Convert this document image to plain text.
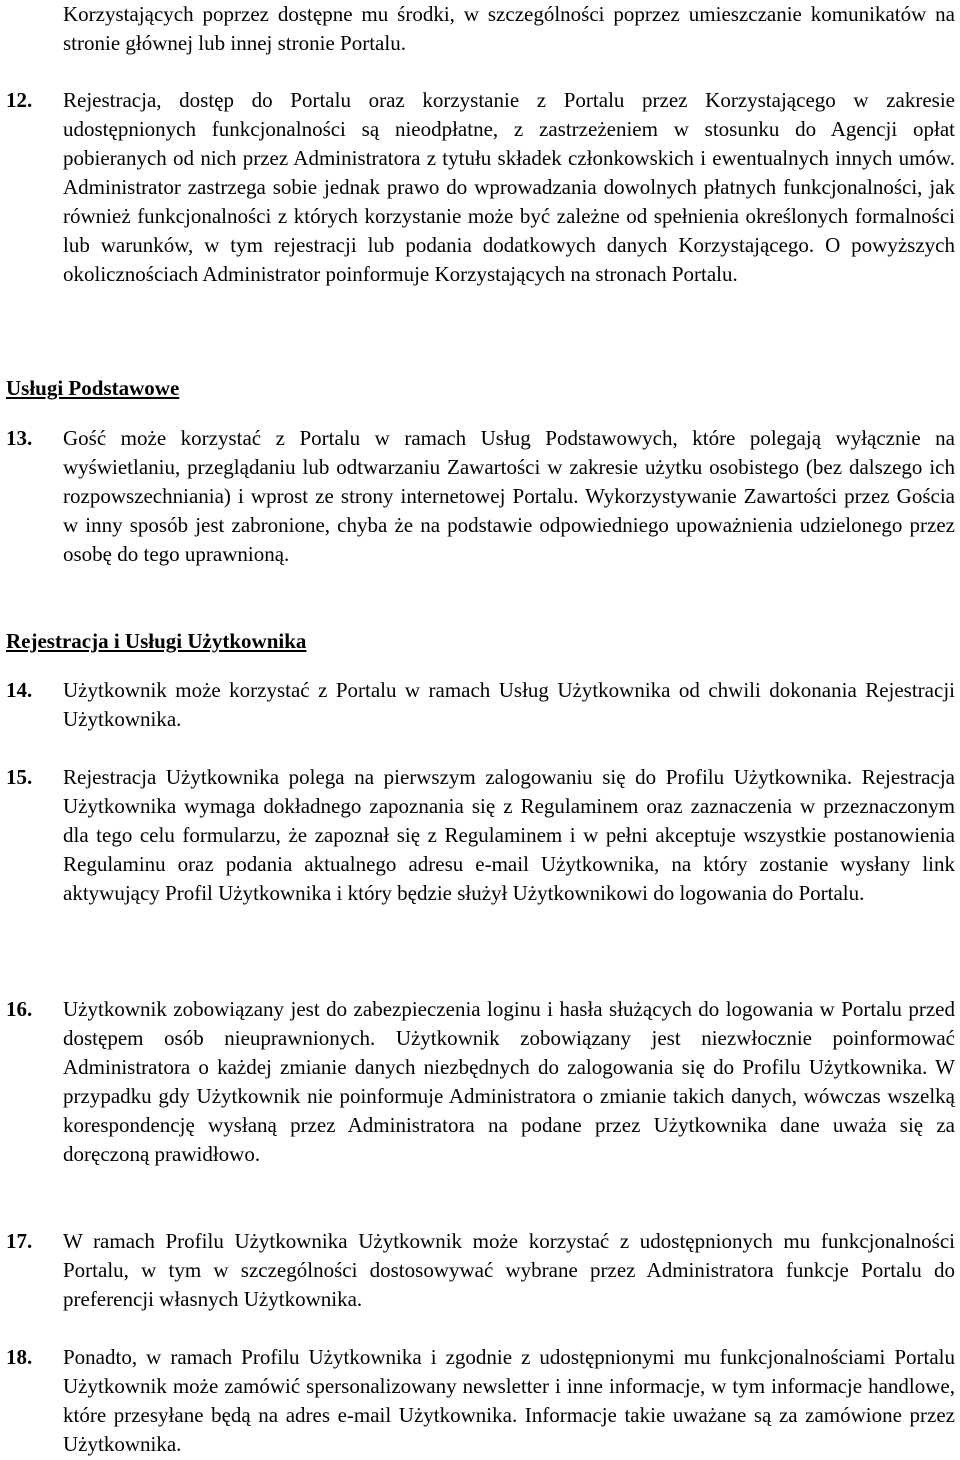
Korzystających poprzez dostępne mu środki, w szczególności poprzez umieszczanie komunikatów na stronie głównej lub innej stronie Portalu.
12. Rejestracja, dostęp do Portalu oraz korzystanie z Portalu przez Korzystającego w zakresie udostępnionych funkcjonalności są nieodpłatne, z zastrzeżeniem w stosunku do Agencji opłat pobieranych od nich przez Administratora z tytułu składek członkowskich i ewentualnych innych umów. Administrator zastrzega sobie jednak prawo do wprowadzania dowolnych płatnych funkcjonalności, jak również funkcjonalności z których korzystanie może być zależne od spełnienia określonych formalności lub warunków, w tym rejestracji lub podania dodatkowych danych Korzystającego. O powyższych okolicznościach Administrator poinformuje Korzystających na stronach Portalu.
Usługi Podstawowe
13. Gość może korzystać z Portalu w ramach Usług Podstawowych, które polegają wyłącznie na wyświetlaniu, przeglądaniu lub odtwarzaniu Zawartości w zakresie użytku osobistego (bez dalszego ich rozpowszechniania) i wprost ze strony internetowej Portalu. Wykorzystywanie Zawartości przez Gościa w inny sposób jest zabronione, chyba że na podstawie odpowiedniego upoważnienia udzielonego przez osobę do tego uprawnioną.
Rejestracja i Usługi Użytkownika
14. Użytkownik może korzystać z Portalu w ramach Usług Użytkownika od chwili dokonania Rejestracji Użytkownika.
15. Rejestracja Użytkownika polega na pierwszym zalogowaniu się do Profilu Użytkownika. Rejestracja Użytkownika wymaga dokładnego zapoznania się z Regulaminem oraz zaznaczenia w przeznaczonym dla tego celu formularzu, że zapoznał się z Regulaminem i w pełni akceptuje wszystkie postanowienia Regulaminu oraz podania aktualnego adresu e-mail Użytkownika, na który zostanie wysłany link aktywujący Profil Użytkownika i który będzie służył Użytkownikowi do logowania do Portalu.
16. Użytkownik zobowiązany jest do zabezpieczenia loginu i hasła służących do logowania w Portalu przed dostępem osób nieuprawnionych. Użytkownik zobowiązany jest niezwłocznie poinformować Administratora o każdej zmianie danych niezbędnych do zalogowania się do Profilu Użytkownika. W przypadku gdy Użytkownik nie poinformuje Administratora o zmianie takich danych, wówczas wszelką korespondencję wysłaną przez Administratora na podane przez Użytkownika dane uważa się za doręczoną prawidłowo.
17. W ramach Profilu Użytkownika Użytkownik może korzystać z udostępnionych mu funkcjonalności Portalu, w tym w szczególności dostosowywać wybrane przez Administratora funkcje Portalu do preferencji własnych Użytkownika.
18. Ponadto, w ramach Profilu Użytkownika i zgodnie z udostępnionymi mu funkcjonalnościami Portalu Użytkownik może zamówić spersonalizowany newsletter i inne informacje, w tym informacje handlowe, które przesyłane będą na adres e-mail Użytkownika. Informacje takie uważane są za zamówione przez Użytkownika.
